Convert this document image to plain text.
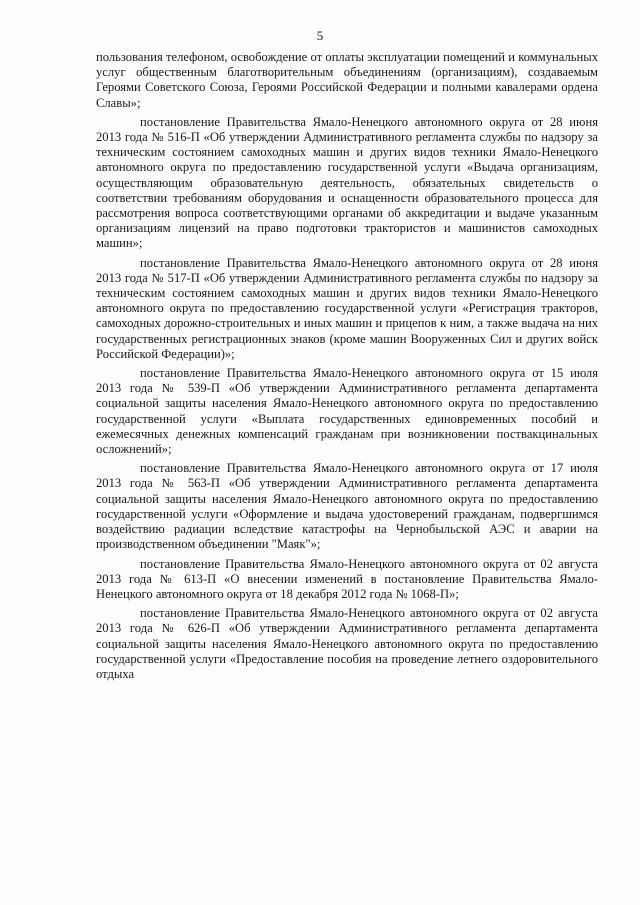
5

пользования телефоном, освобождение от оплаты эксплуатации помещений и коммунальных услуг общественным благотворительным объединениям (организациям), создаваемым Героями Советского Союза, Героями Российской Федерации и полными кавалерами ордена Славы»;

постановление Правительства Ямало-Ненецкого автономного округа от 28 июня 2013 года № 516-П «Об утверждении Административного регламента службы по надзору за техническим состоянием самоходных машин и других видов техники Ямало-Ненецкого автономного округа по предоставлению государственной услуги «Выдача организациям, осуществляющим образовательную деятельность, обязательных свидетельств о соответствии требованиям оборудования и оснащенности образовательного процесса для рассмотрения вопроса соответствующими органами об аккредитации и выдаче указанным организациям лицензий на право подготовки трактористов и машинистов самоходных машин»;

постановление Правительства Ямало-Ненецкого автономного округа от 28 июня 2013 года № 517-П «Об утверждении Административного регламента службы по надзору за техническим состоянием самоходных машин и других видов техники Ямало-Ненецкого автономного округа по предоставлению государственной услуги «Регистрация тракторов, самоходных дорожно-строительных и иных машин и прицепов к ним, а также выдача на них государственных регистрационных знаков (кроме машин Вооруженных Сил и других войск Российской Федерации)»;

постановление Правительства Ямало-Ненецкого автономного округа от 15 июля 2013 года № 539-П «Об утверждении Административного регламента департамента социальной защиты населения Ямало-Ненецкого автономного округа по предоставлению государственной услуги «Выплата государственных единовременных пособий и ежемесячных денежных компенсаций гражданам при возникновении поствакцинальных осложнений»;

постановление Правительства Ямало-Ненецкого автономного округа от 17 июля 2013 года № 563-П «Об утверждении Административного регламента департамента социальной защиты населения Ямало-Ненецкого автономного округа по предоставлению государственной услуги «Оформление и выдача удостоверений гражданам, подвергшимся воздействию радиации вследствие катастрофы на Чернобыльской АЭС и аварии на производственном объединении "Маяк"»;

постановление Правительства Ямало-Ненецкого автономного округа от 02 августа 2013 года № 613-П «О внесении изменений в постановление Правительства Ямало-Ненецкого автономного округа от 18 декабря 2012 года № 1068-П»;

постановление Правительства Ямало-Ненецкого автономного округа от 02 августа 2013 года № 626-П «Об утверждении Административного регламента департамента социальной защиты населения Ямало-Ненецкого автономного округа по предоставлению государственной услуги «Предоставление пособия на проведение летнего оздоровительного отдыха
